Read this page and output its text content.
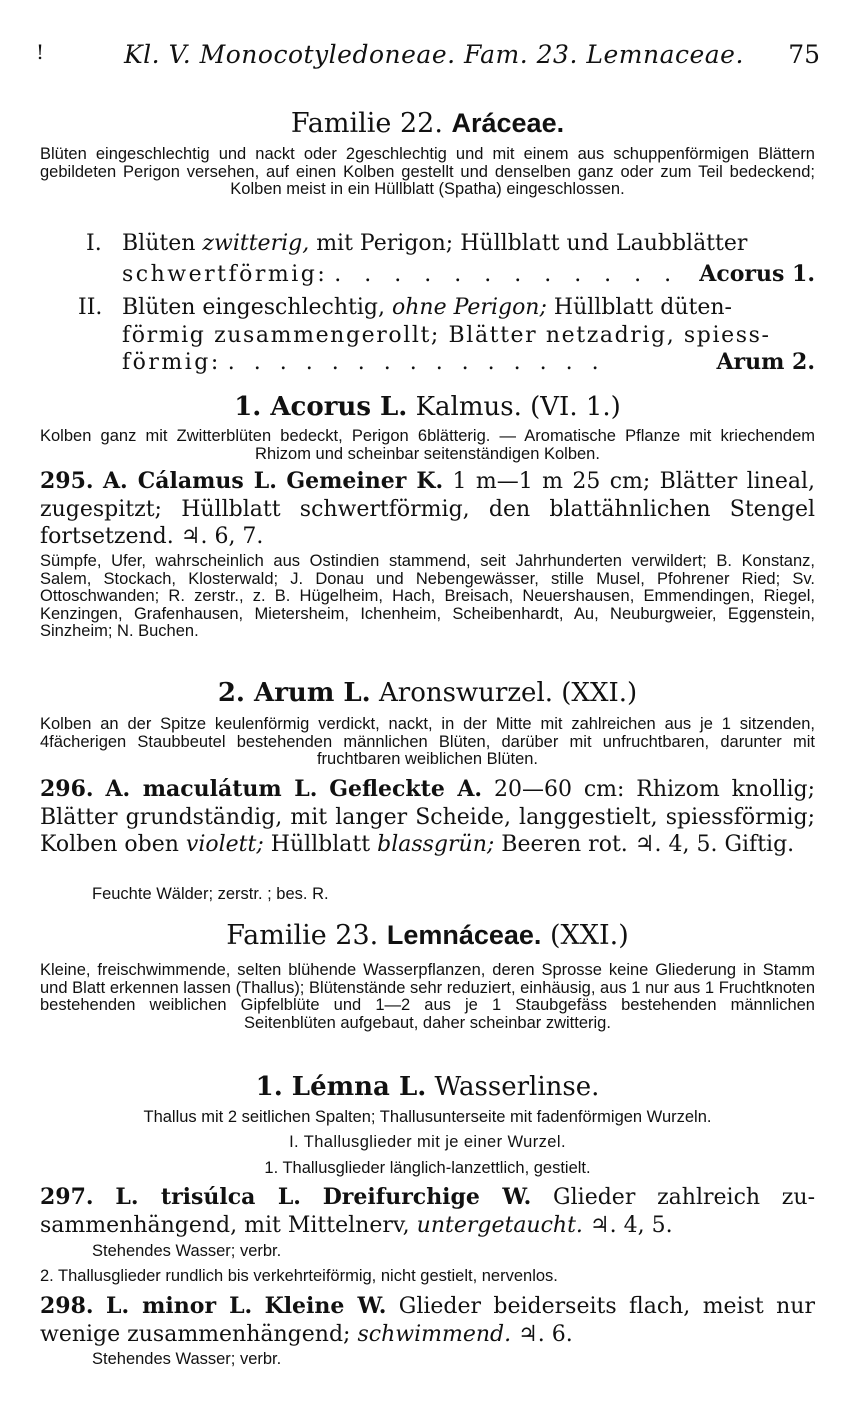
!	Kl. V. Monocotyledoneae. Fam. 23. Lemnaceae. 75
Familie 22. Aráceae.
Blüten eingeschlechtig und nackt oder 2geschlechtig und mit einem aus schuppenförmigen Blättern gebildeten Perigon versehen, auf einen Kolben gestellt und denselben ganz oder zum Teil bedeckend; Kolben meist in ein Hüllblatt (Spatha) eingeschlossen.
I. Blüten zwitterig, mit Perigon; Hüllblatt und Laubblätter
schwertförmig: . . . . . . . . . . . . Acorus 1.
II. Blüten eingeschlechtig, ohne Perigon; Hüllblatt düten-
förmig zusammengerollt; Blätter netzadrig, spiess-
förmig: . . . . . . . . . . . . . . .	Arum 2.
1. Acorus L. Kalmus. (VI. 1.)
Kolben ganz mit Zwitterblüten bedeckt, Perigon 6blätterig. — Aromatische Pflanze mit kriechendem Rhizom und scheinbar seitenständigen Kolben.
295. A. Cálamus L. Gemeiner K. 1 m—1 m 25 cm; Blätter lineal, zugespitzt; Hüllblatt schwertförmig, den blattähnlichen Stengel fortsetzend. ♃. 6, 7.
Sümpfe, Ufer, wahrscheinlich aus Ostindien stammend, seit Jahrhunderten verwildert; B. Konstanz, Salem, Stockach, Klosterwald; J. Donau und Nebengewässer, stille Musel, Pfohrener Ried; Sv. Ottoschwanden; R. zerstr., z. B. Hügelheim, Hach, Breisach, Neuershausen, Emmendingen, Riegel, Kenzingen, Grafenhausen, Mietersheim, Ichenheim, Scheibenhardt, Au, Neuburgweier, Eggenstein, Sinzheim; N. Buchen.
2. Arum L. Aronswurzel. (XXI.)
Kolben an der Spitze keulenförmig verdickt, nackt, in der Mitte mit zahlreichen aus je 1 sitzenden, 4fächerigen Staubbeutel bestehenden männlichen Blüten, darüber mit unfruchtbaren, darunter mit fruchtbaren weiblichen Blüten.
296. A. maculátum L. Gefleckte A. 20—60 cm: Rhizom knollig; Blätter grundständig, mit langer Scheide, langgestielt, spiessförmig; Kolben oben violett; Hüllblatt blassgrün; Beeren rot. ♃. 4, 5. Giftig.
Feuchte Wälder; zerstr. ; bes. R.
Familie 23. Lemnáceae. (XXI.)
Kleine, freischwimmende, selten blühende Wasserpflanzen, deren Sprosse keine Gliederung in Stamm und Blatt erkennen lassen (Thallus); Blütenstände sehr reduziert, einhäusig, aus 1 nur aus 1 Fruchtknoten bestehenden weiblichen Gipfelblüte und 1—2 aus je 1 Staubgefäss bestehenden männlichen Seitenblüten aufgebaut, daher scheinbar zwitterig.
1. Lémna L. Wasserlinse.
Thallus mit 2 seitlichen Spalten; Thallusunterseite mit fadenförmigen Wurzeln.
I. Thallusglieder mit je einer Wurzel.
1. Thallusglieder länglich-lanzettlich, gestielt.
297. L. trisúlca L. Dreifurchige W. Glieder zahlreich zu- sammenhängend, mit Mittelnerv, untergetaucht. ♃. 4, 5.
Stehendes Wasser; verbr.
2. Thallusglieder rundlich bis verkehrteiförmig, nicht gestielt, nervenlos.
298. L. minor L. Kleine W. Glieder beiderseits flach, meist nur wenige zusammenhängend; schwimmend. ♃. 6.
Stehendes Wasser; verbr.
